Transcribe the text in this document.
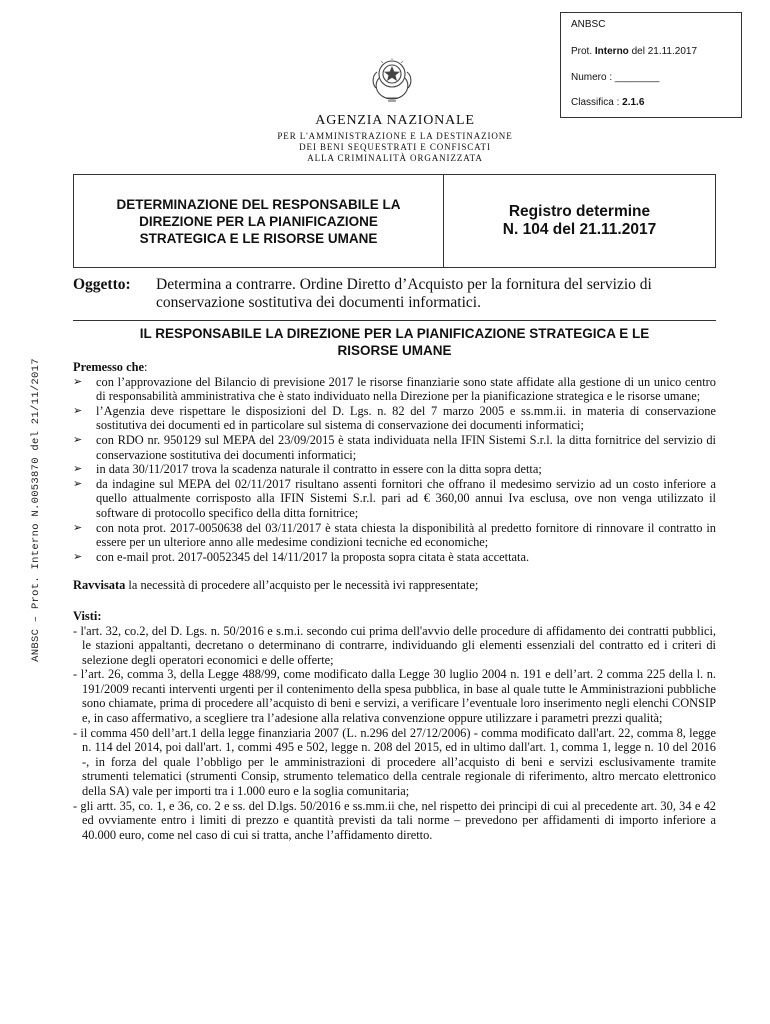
ANBSC
Prot. Interno del 21.11.2017
Numero : ________
Classifica : 2.1.6
ANBSC – Prot. Interno N.0053870 del 21/11/2017
AGENZIA NAZIONALE
PER L'AMMINISTRAZIONE E LA DESTINAZIONE
DEI BENI SEQUESTRATI E CONFISCATI
ALLA CRIMINALITÀ ORGANIZZATA
DETERMINAZIONE DEL RESPONSABILE LA
DIREZIONE PER LA PIANIFICAZIONE
STRATEGICA E LE RISORSE UMANE
Registro determine
N. 104 del 21.11.2017
Oggetto: Determina a contrarre. Ordine Diretto d’Acquisto per la fornitura del servizio di conservazione sostitutiva dei documenti informatici.
IL RESPONSABILE LA DIREZIONE PER LA PIANIFICAZIONE STRATEGICA E LE
RISORSE UMANE
Premesso che:
➢ con l’approvazione del Bilancio di previsione 2017 le risorse finanziarie sono state affidate alla gestione di un unico centro di responsabilità amministrativa che è stato individuato nella Direzione per la pianificazione strategica e le risorse umane;
➢ l’Agenzia deve rispettare le disposizioni del D. Lgs. n. 82 del 7 marzo 2005 e ss.mm.ii. in materia di conservazione sostitutiva dei documenti ed in particolare sul sistema di conservazione dei documenti informatici;
➢ con RDO nr. 950129 sul MEPA del 23/09/2015 è stata individuata nella IFIN Sistemi S.r.l. la ditta fornitrice del servizio di conservazione sostitutiva dei documenti informatici;
➢ in data 30/11/2017 trova la scadenza naturale il contratto in essere con la ditta sopra detta;
➢ da indagine sul MEPA del 02/11/2017 risultano assenti fornitori che offrano il medesimo servizio ad un costo inferiore a quello attualmente corrisposto alla IFIN Sistemi S.r.l. pari ad € 360,00 annui Iva esclusa, ove non venga utilizzato il software di protocollo specifico della ditta fornitrice;
➢ con nota prot. 2017-0050638 del 03/11/2017 è stata chiesta la disponibilità al predetto fornitore di rinnovare il contratto in essere per un ulteriore anno alle medesime condizioni tecniche ed economiche;
➢ con e-mail prot. 2017-0052345 del 14/11/2017 la proposta sopra citata è stata accettata.
Ravvisata la necessità di procedere all’acquisto per le necessità ivi rappresentate;
Visti:
- l'art. 32, co.2, del D. Lgs. n. 50/2016 e s.m.i. secondo cui prima dell'avvio delle procedure di affidamento dei contratti pubblici, le stazioni appaltanti, decretano o determinano di contrarre, individuando gli elementi essenziali del contratto ed i criteri di selezione degli operatori economici e delle offerte;
- l’art. 26, comma 3, della Legge 488/99, come modificato dalla Legge 30 luglio 2004 n. 191 e dell’art. 2 comma 225 della l. n. 191/2009 recanti interventi urgenti per il contenimento della spesa pubblica, in base al quale tutte le Amministrazioni pubbliche sono chiamate, prima di procedere all’acquisto di beni e servizi, a verificare l’eventuale loro inserimento negli elenchi CONSIP e, in caso affermativo, a scegliere tra l’adesione alla relativa convenzione oppure utilizzare i parametri prezzi qualità;
- il comma 450 dell’art.1 della legge finanziaria 2007 (L. n.296 del 27/12/2006) - comma modificato dall'art. 22, comma 8, legge n. 114 del 2014, poi dall'art. 1, commi 495 e 502, legge n. 208 del 2015, ed in ultimo dall'art. 1, comma 1, legge n. 10 del 2016 -, in forza del quale l’obbligo per le amministrazioni di procedere all’acquisto di beni e servizi esclusivamente tramite strumenti telematici (strumenti Consip, strumento telematico della centrale regionale di riferimento, altro mercato elettronico della SA) vale per importi tra i 1.000 euro e la soglia comunitaria;
- gli artt. 35, co. 1, e 36, co. 2 e ss. del D.lgs. 50/2016 e ss.mm.ii che, nel rispetto dei principi di cui al precedente art. 30, 34 e 42 ed ovviamente entro i limiti di prezzo e quantità previsti da tali norme – prevedono per affidamenti di importo inferiore a 40.000 euro, come nel caso di cui si tratta, anche l’affidamento diretto.
